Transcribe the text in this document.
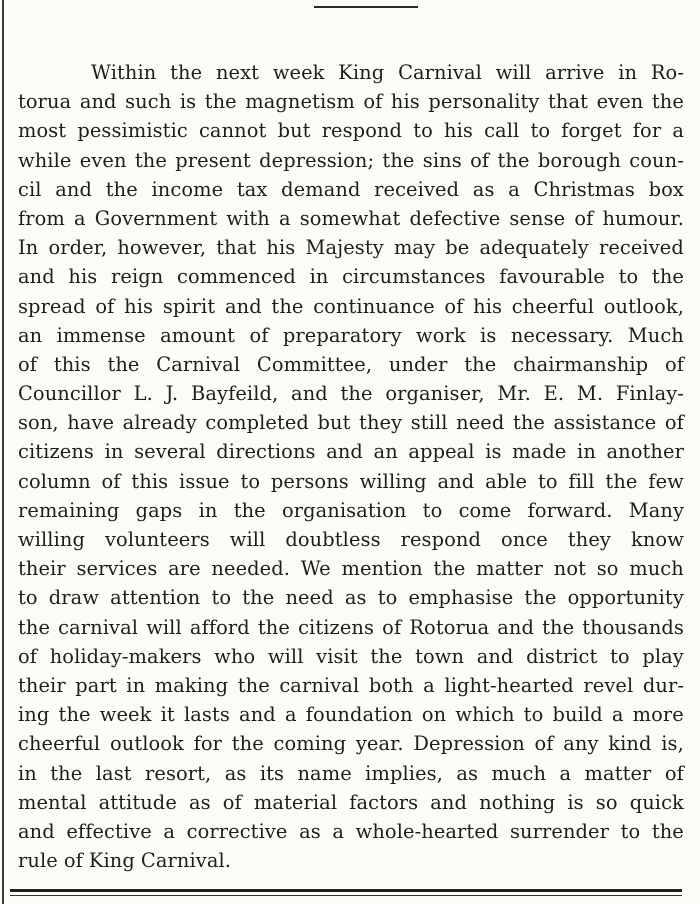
Within the next week King Carnival will arrive in Ro-
torua and such is the magnetism of his personality that even the
most pessimistic cannot but respond to his call to forget for a
while even the present depression; the sins of the borough coun-
cil and the income tax demand received as a Christmas box
from a Government with a somewhat defective sense of humour.
In order, however, that his Majesty may be adequately received
and his reign commenced in circumstances favourable to the
spread of his spirit and the continuance of his cheerful outlook,
an immense amount of preparatory work is necessary. Much
of this the Carnival Committee, under the chairmanship of
Councillor L. J. Bayfeild, and the organiser, Mr. E. M. Finlay-
son, have already completed but they still need the assistance of
citizens in several directions and an appeal is made in another
column of this issue to persons willing and able to fill the few
remaining gaps in the organisation to come forward. Many
willing volunteers will doubtless respond once they know
their services are needed. We mention the matter not so much
to draw attention to the need as to emphasise the opportunity
the carnival will afford the citizens of Rotorua and the thousands
of holiday-makers who will visit the town and district to play
their part in making the carnival both a light-hearted revel dur-
ing the week it lasts and a foundation on which to build a more
cheerful outlook for the coming year. Depression of any kind is,
in the last resort, as its name implies, as much a matter of
mental attitude as of material factors and nothing is so quick
and effective a corrective as a whole-hearted surrender to the
rule of King Carnival.
